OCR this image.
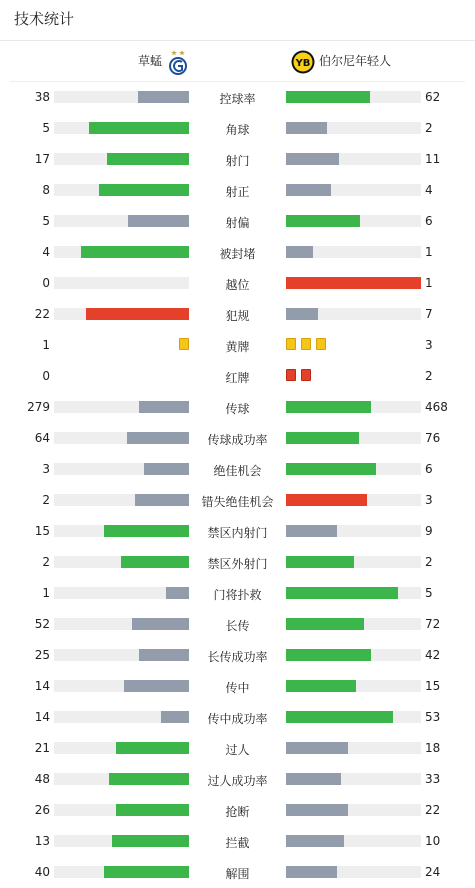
技术统计
草蜢	YB 伯尔尼年轻人
38	控球率	62
5	角球	2
17	射门	11
8	射正	4
5	射偏	6
4	被封堵	1
0	越位	1
22	犯规	7
1	黄牌	3
0	红牌	2
279	传球	468
64	传球成功率	76
3	绝佳机会	6
2	错失绝佳机会	3
15	禁区内射门	9
2	禁区外射门	2
1	门将扑救	5
52	长传	72
25	长传成功率	42
14	传中	15
14	传中成功率	53
21	过人	18
48	过人成功率	33
26	抢断	22
13	拦截	10
40	解围	24
